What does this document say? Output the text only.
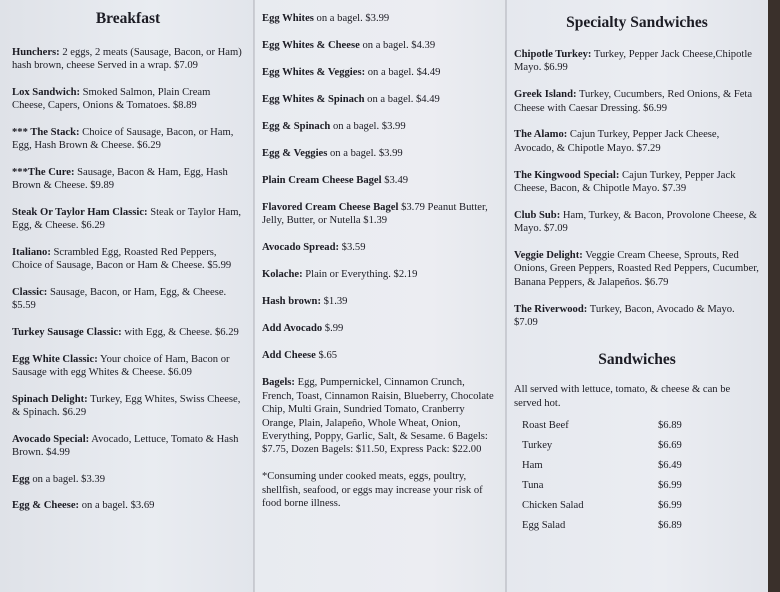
Breakfast

Hunchers: 2 eggs, 2 meats (Sausage, Bacon, or Ham) hash brown, cheese Served in a wrap. $7.09

Lox Sandwich: Smoked Salmon, Plain Cream Cheese, Capers, Onions & Tomatoes. $8.89

*** The Stack: Choice of Sausage, Bacon, or Ham, Egg, Hash Brown & Cheese. $6.29

***The Cure: Sausage, Bacon & Ham, Egg, Hash Brown & Cheese. $9.89

Steak Or Taylor Ham Classic: Steak or Taylor Ham, Egg, & Cheese. $6.29

Italiano: Scrambled Egg, Roasted Red Peppers, Choice of Sausage, Bacon or Ham & Cheese. $5.99

Classic: Sausage, Bacon, or Ham, Egg, & Cheese. $5.59

Turkey Sausage Classic: with Egg, & Cheese. $6.29

Egg White Classic: Your choice of Ham, Bacon or Sausage with egg Whites & Cheese. $6.09

Spinach Delight: Turkey, Egg Whites, Swiss Cheese, & Spinach. $6.29

Avocado Special: Avocado, Lettuce, Tomato & Hash Brown. $4.99

Egg on a bagel. $3.39

Egg & Cheese: on a bagel. $3.69

Egg Whites on a bagel. $3.99

Egg Whites & Cheese on a bagel. $4.39

Egg Whites & Veggies: on a bagel. $4.49

Egg Whites & Spinach on a bagel. $4.49

Egg & Spinach on a bagel. $3.99

Egg & Veggies on a bagel. $3.99

Plain Cream Cheese Bagel $3.49

Flavored Cream Cheese Bagel $3.79 Peanut Butter, Jelly, Butter, or Nutella $1.39

Avocado Spread: $3.59

Kolache: Plain or Everything. $2.19

Hash brown: $1.39

Add Avocado $.99

Add Cheese $.65

Bagels: Egg, Pumpernickel, Cinnamon Crunch, French, Toast, Cinnamon Raisin, Blueberry, Chocolate Chip, Multi Grain, Sundried Tomato, Cranberry Orange, Plain, Jalapeño, Whole Wheat, Onion, Everything, Poppy, Garlic, Salt, & Sesame. 6 Bagels: $7.75, Dozen Bagels: $11.50, Express Pack: $22.00

*Consuming under cooked meats, eggs, poultry, shellfish, seafood, or eggs may increase your risk of food borne illness.

Specialty Sandwiches

Chipotle Turkey: Turkey, Pepper Jack Cheese,Chipotle Mayo. $6.99

Greek Island: Turkey, Cucumbers, Red Onions, & Feta Cheese with Caesar Dressing. $6.99

The Alamo: Cajun Turkey, Pepper Jack Cheese, Avocado, & Chipotle Mayo. $7.29

The Kingwood Special: Cajun Turkey, Pepper Jack Cheese, Bacon, & Chipotle Mayo. $7.39

Club Sub: Ham, Turkey, & Bacon, Provolone Cheese, & Mayo. $7.09

Veggie Delight: Veggie Cream Cheese, Sprouts, Red Onions, Green Peppers, Roasted Red Peppers, Cucumber, Banana Peppers, & Jalapeños. $6.79

The Riverwood: Turkey, Bacon, Avocado & Mayo. $7.09

Sandwiches

All served with lettuce, tomato, & cheese & can be served hot.

Roast Beef	$6.89
Turkey	$6.69
Ham	$6.49
Tuna	$6.99
Chicken Salad	$6.99
Egg Salad	$6.89
